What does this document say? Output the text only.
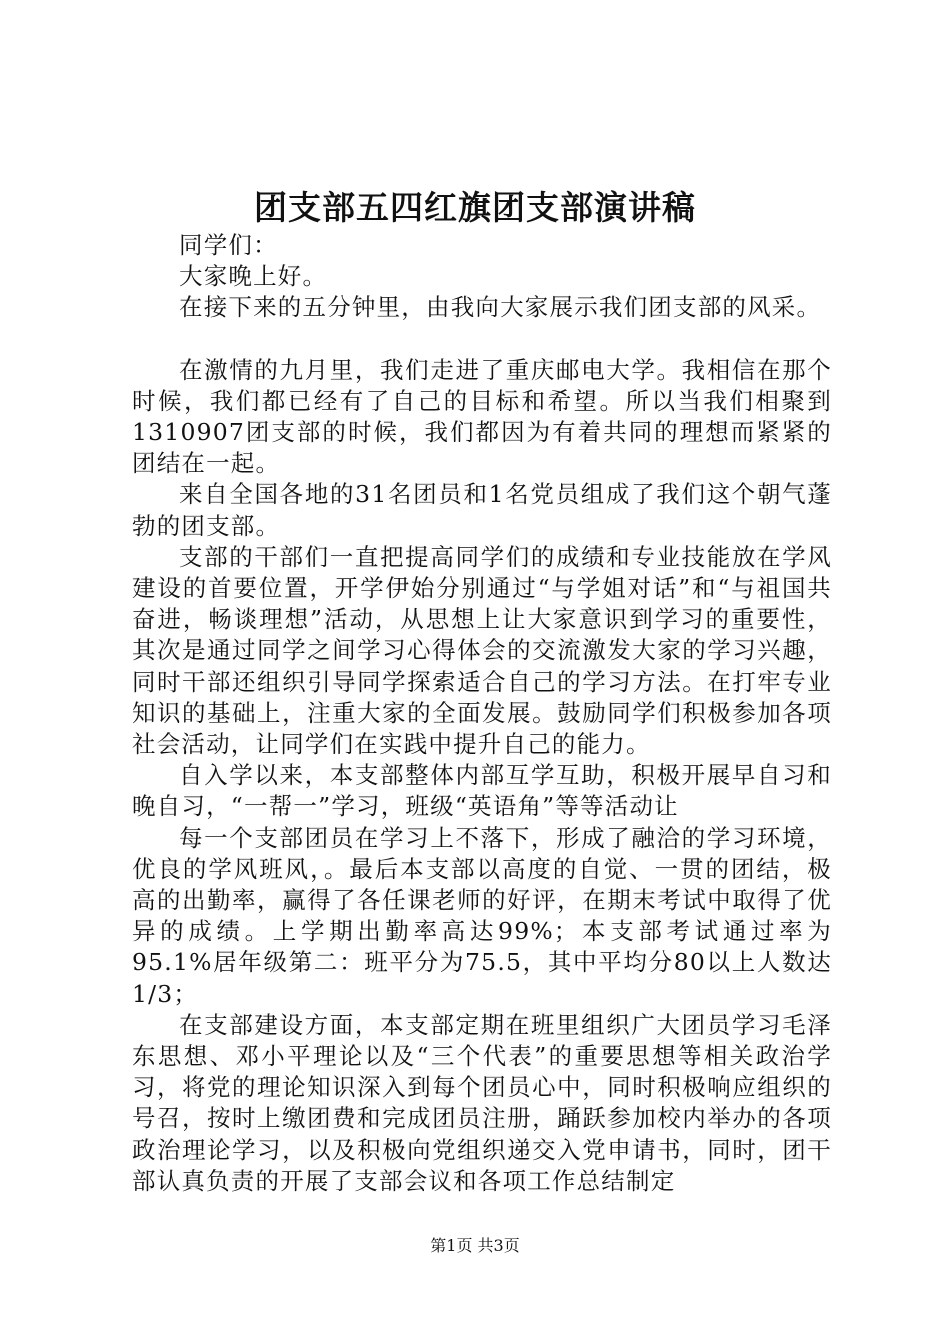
团支部五四红旗团支部演讲稿

同学们：

大家晚上好。

在接下来的五分钟里，由我向大家展示我们团支部的风采。

在激情的九月里，我们走进了重庆邮电大学。我相信在那个时候，我们都已经有了自己的目标和希望。所以当我们相聚到1310907团支部的时候，我们都因为有着共同的理想而紧紧的团结在一起。

来自全国各地的31名团员和1名党员组成了我们这个朝气蓬勃的团支部。

支部的干部们一直把提高同学们的成绩和专业技能放在学风建设的首要位置，开学伊始分别通过“与学姐对话”和“与祖国共奋进，畅谈理想”活动，从思想上让大家意识到学习的重要性，其次是通过同学之间学习心得体会的交流激发大家的学习兴趣，同时干部还组织引导同学探索适合自己的学习方法。在打牢专业知识的基础上，注重大家的全面发展。鼓励同学们积极参加各项社会活动，让同学们在实践中提升自己的能力。

自入学以来，本支部整体内部互学互助，积极开展早自习和晚自习，“一帮一”学习，班级“英语角”等等活动让

每一个支部团员在学习上不落下，形成了融洽的学习环境，优良的学风班风，。最后本支部以高度的自觉、一贯的团结，极高的出勤率，赢得了各任课老师的好评，在期末考试中取得了优异的成绩。上学期出勤率高达99%；本支部考试通过率为95.1%居年级第二：班平分为75.5，其中平均分80以上人数达1/3；

在支部建设方面，本支部定期在班里组织广大团员学习毛泽东思想、邓小平理论以及“三个代表”的重要思想等相关政治学习，将党的理论知识深入到每个团员心中，同时积极响应组织的号召，按时上缴团费和完成团员注册，踊跃参加校内举办的各项政治理论学习，以及积极向党组织递交入党申请书，同时，团干部认真负责的开展了支部会议和各项工作总结制定

第1页 共3页
